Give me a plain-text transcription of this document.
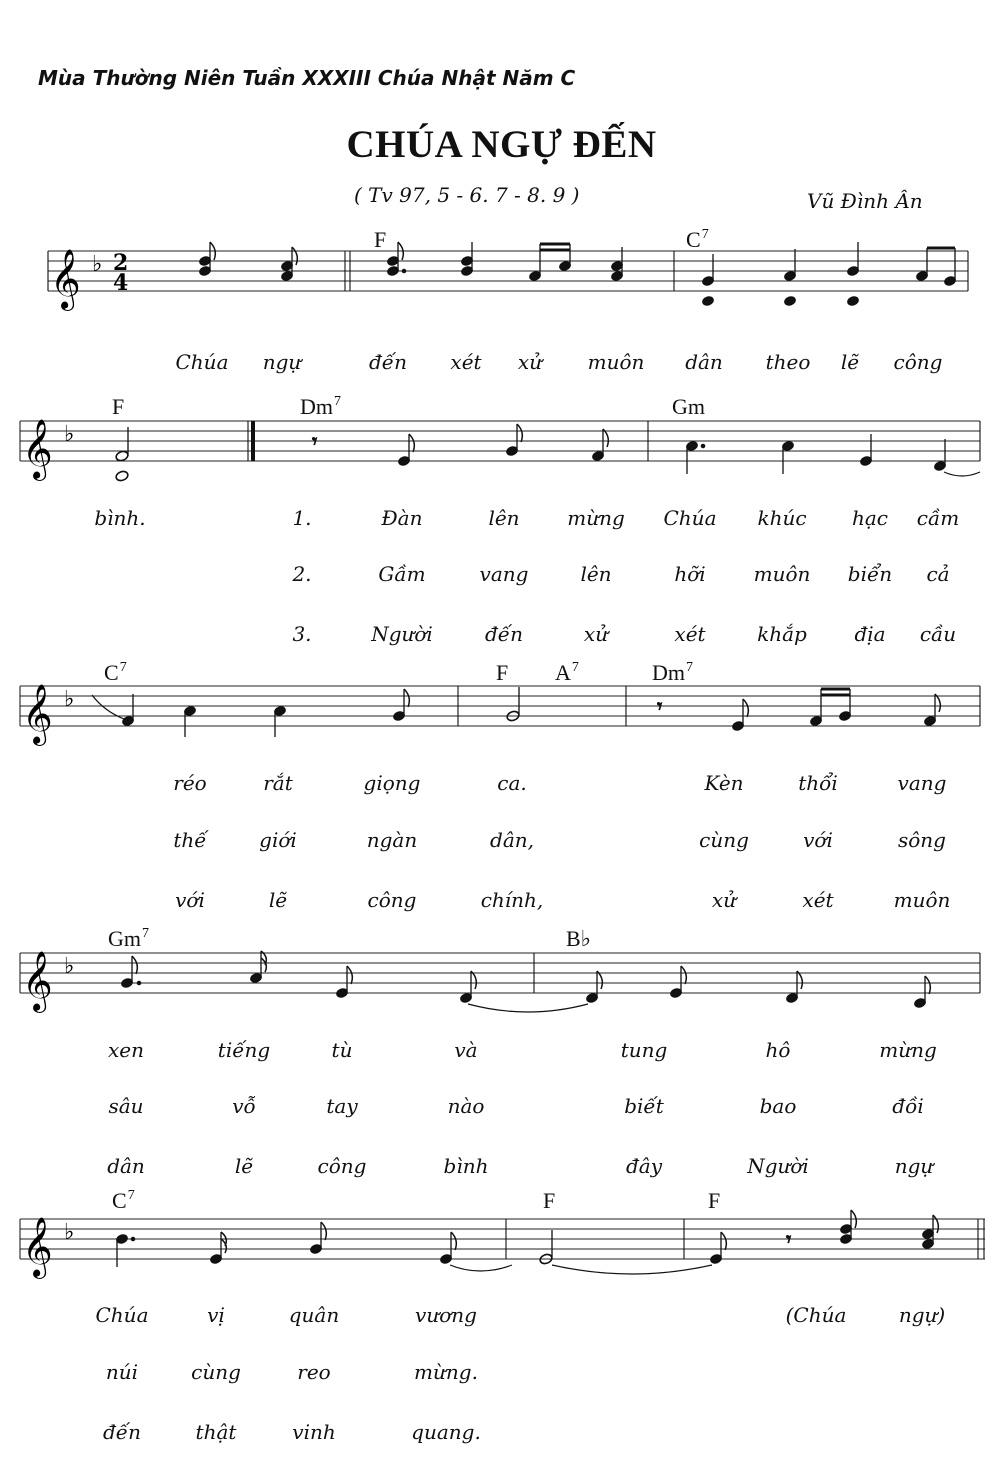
Mùa Thường Niên Tuần XXXIII Chúa Nhật Năm C
CHÚA NGỰ ĐẾN
( Tv 97, 5 - 6. 7 - 8. 9 )	Vũ Đình Ân
𝄞 ♭ 2
4
F	$C^7$
Chúa ngự	đến xét xử muôn dân theo lẽ công
𝄞 ♭	𝄾
F	Dm$^7$	Gm
bình.	1.	Đàn	lên mừng Chúa khúc hạc cầm
2.	Gầm	vang	lên	hỡi muôn biển cả
3.	Người	đến	xử	xét	khắp địa cầu
𝄞 ♭	𝄾
$C^7$	F $A^7$	Dm$^7$
réo	rắt	giọng	ca.	Kèn	thổi	vang
thế	giới	ngàn	dân,	cùng	với	sông
với	lẽ	công	chính,	xử	xét	muôn
𝄞 ♭
Gm$^7$	B♭
xen	tiếng	tù	và	tung	hô	mừng
sâu	vỗ	tay	nào	biết	bao	đồi
dân	lẽ	công	bình	đây	Người	ngự
𝄞 ♭	𝄾
$C^7$	F	F
Chúa	vị	quân	vương	(Chúa	ngự)
núi	cùng	reo	mừng.
đến	thật	vinh	quang.
